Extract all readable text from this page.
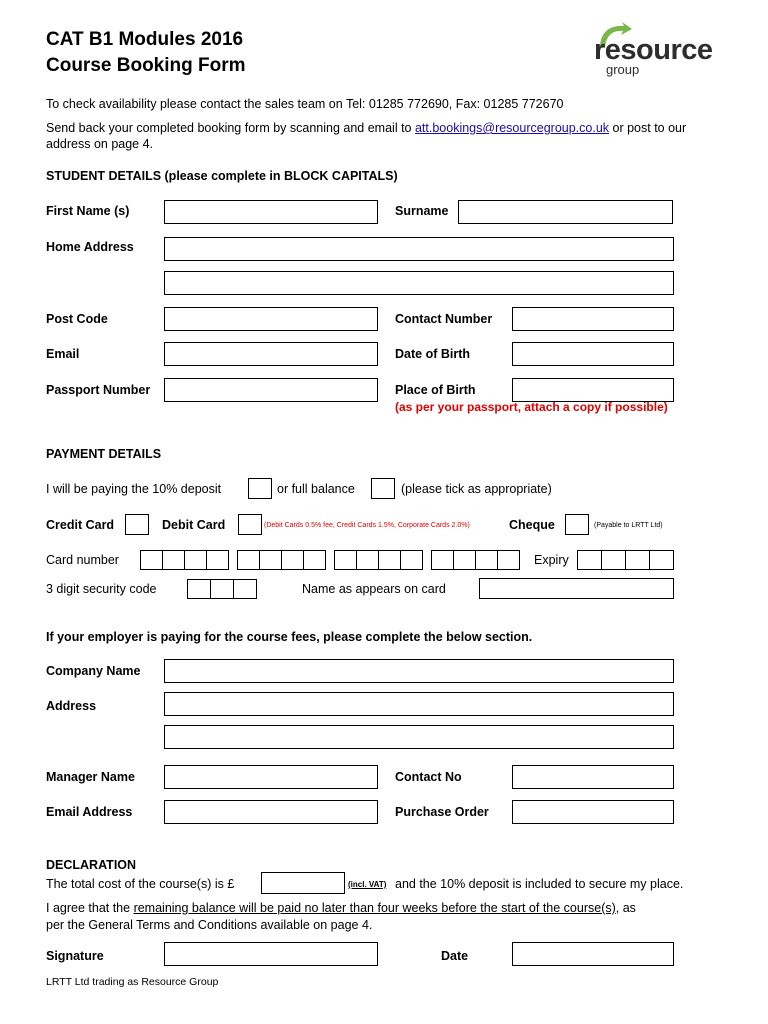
CAT B1 Modules 2016
Course Booking Form	resource
group
To check availability please contact the sales team on Tel: 01285 772690, Fax: 01285 772670
Send back your completed booking form by scanning and email to att.bookings@resourcegroup.co.uk or post to our
address on page 4.
STUDENT DETAILS (please complete in BLOCK CAPITALS)
First Name (s)	Surname
Home Address
Post Code	Contact Number
Email	Date of Birth
Passport Number	Place of Birth
(as per your passport, attach a copy if possible)
PAYMENT DETAILS
I will be paying the 10% deposit	or full balance	(please tick as appropriate)
Credit Card	Debit Card	(Debit Cards 0.5% fee, Credit Cards 1.5%, Corporate Cards 2.0%)	Cheque	(Payable to LRTT Ltd)
Card number	Expiry
3 digit security code	Name as appears on card
If your employer is paying for the course fees, please complete the below section.
Company Name
Address
Manager Name	Contact No
Email Address	Purchase Order
DECLARATION
The total cost of the course(s) is £	(incl. VAT) and the 10% deposit is included to secure my place.
I agree that the remaining balance will be paid no later than four weeks before the start of the course(s), as
per the General Terms and Conditions available on page 4.
Signature	Date
LRTT Ltd trading as Resource Group
